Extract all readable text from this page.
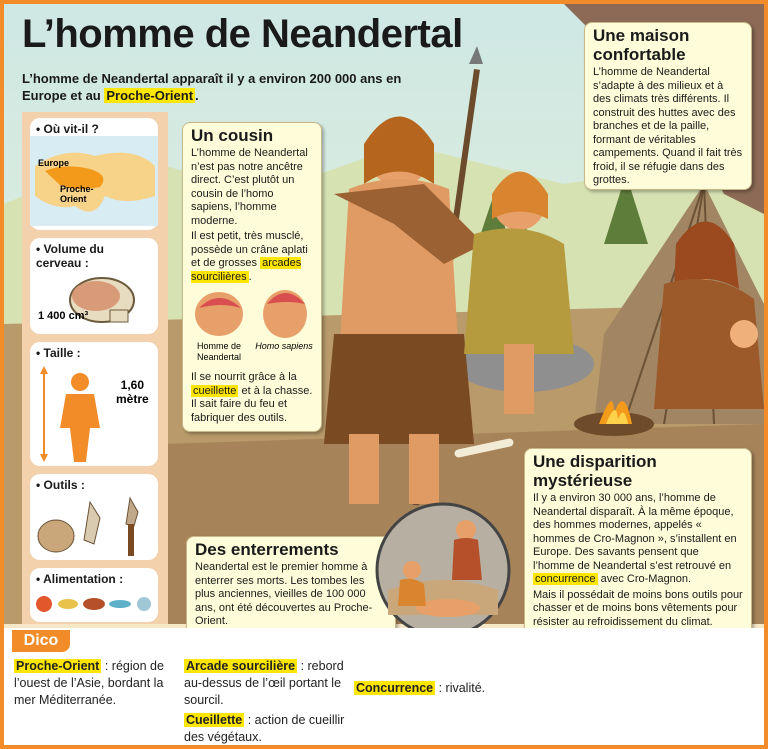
L’homme de Neandertal
L’homme de Neandertal apparaît il y a environ 200 000 ans en Europe et au Proche-Orient .
• Où vit-il ?
Europe
Proche-
Orient
• Volume du cerveau :
1 400 cm³
• Taille :
1,60
mètre
• Outils :
• Alimentation :
Un cousin

L’homme de Neandertal n’est pas notre ancêtre direct. C’est plutôt un cousin de l’homo sapiens, l’homme moderne.

Il est petit, très musclé, possède un crâne aplati et de grosses arcades sourcilières .

Homme de Neandertal
Homo sapiens

Il se nourrit grâce à la cueillette et à la chasse. Il sait faire du feu et fabriquer des outils.

Une maison confortable

L’homme de Neandertal s’adapte à des milieux et à des climats très différents. Il construit des huttes avec des branches et de la paille, formant de véritables campements. Quand il fait très froid, il se réfugie dans des grottes.

Une disparition mystérieuse

Il y a environ 30 000 ans, l’homme de Neandertal disparaît. À la même époque, des hommes modernes, appelés « hommes de Cro-Magnon », s’installent en Europe. Des savants pensent que l’homme de Neandertal s’est retrouvé en concurrence avec Cro-Magnon.

Mais il possédait de moins bons outils pour chasser et de moins bons vêtements pour résister au refroidissement du climat.

Des enterrements

Neandertal est le premier homme à enterrer ses morts. Les tombes les plus anciennes, vieilles de 100 000 ans, ont été découvertes au Proche-Orient.

Dico
Proche-Orient : région de l’ouest de l’Asie, bordant la mer Méditerranée.
Arcade sourcilière : rebord au-dessus de l’œil portant le sourcil.
Cueillette : action de cueillir des végétaux.
Concurrence : rivalité.
